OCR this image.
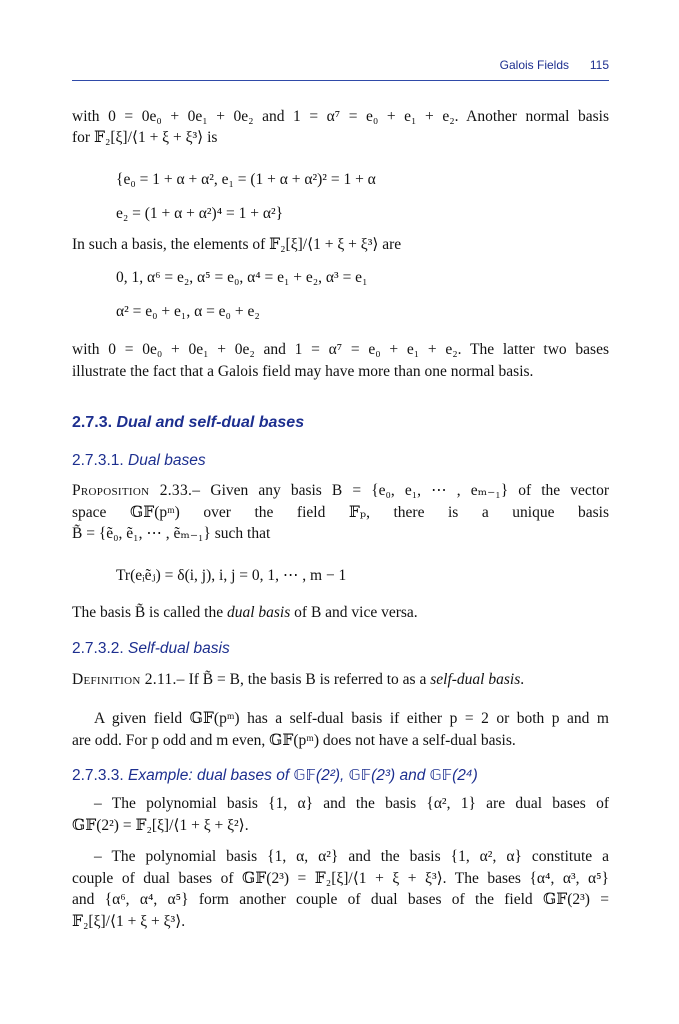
Galois Fields 115
with 0 = 0e₀ + 0e₁ + 0e₂ and 1 = α⁷ = e₀ + e₁ + e₂. Another normal basis
for 𝔽₂[ξ]/⟨1 + ξ + ξ³⟩ is
{e₀ = 1 + α + α², e₁ = (1 + α + α²)² = 1 + α
e₂ = (1 + α + α²)⁴ = 1 + α²}
In such a basis, the elements of 𝔽₂[ξ]/⟨1 + ξ + ξ³⟩ are
0, 1, α⁶ = e₂, α⁵ = e₀, α⁴ = e₁ + e₂, α³ = e₁
α² = e₀ + e₁, α = e₀ + e₂
with 0 = 0e₀ + 0e₁ + 0e₂ and 1 = α⁷ = e₀ + e₁ + e₂. The latter two bases
illustrate the fact that a Galois field may have more than one normal basis.
2.7.3. Dual and self-dual bases
2.7.3.1. Dual bases
Proposition 2.33.– Given any basis B = {e₀, e₁, ⋯ , eₘ₋₁} of the vector
space 𝔾𝔽(pᵐ) over the field 𝔽ₚ, there is a unique basis
B̃ = {ẽ₀, ẽ₁, ⋯ , ẽₘ₋₁} such that
Tr(eᵢẽⱼ) = δ(i, j), i, j = 0, 1, ⋯ , m − 1
The basis B̃ is called the dual basis of B and vice versa.
2.7.3.2. Self-dual basis
Definition 2.11.– If B̃ = B, the basis B is referred to as a self-dual basis.
A given field 𝔾𝔽(pᵐ) has a self-dual basis if either p = 2 or both p and m
are odd. For p odd and m even, 𝔾𝔽(pᵐ) does not have a self-dual basis.
2.7.3.3. Example: dual bases of 𝔾𝔽(2²), 𝔾𝔽(2³) and 𝔾𝔽(2⁴)
– The polynomial basis {1, α} and the basis {α², 1} are dual bases of
𝔾𝔽(2²) = 𝔽₂[ξ]/⟨1 + ξ + ξ²⟩.
– The polynomial basis {1, α, α²} and the basis {1, α², α} constitute a
couple of dual bases of 𝔾𝔽(2³) = 𝔽₂[ξ]/⟨1 + ξ + ξ³⟩. The bases {α⁴, α³, α⁵}
and {α⁶, α⁴, α⁵} form another couple of dual bases of the field 𝔾𝔽(2³) =
𝔽₂[ξ]/⟨1 + ξ + ξ³⟩.
